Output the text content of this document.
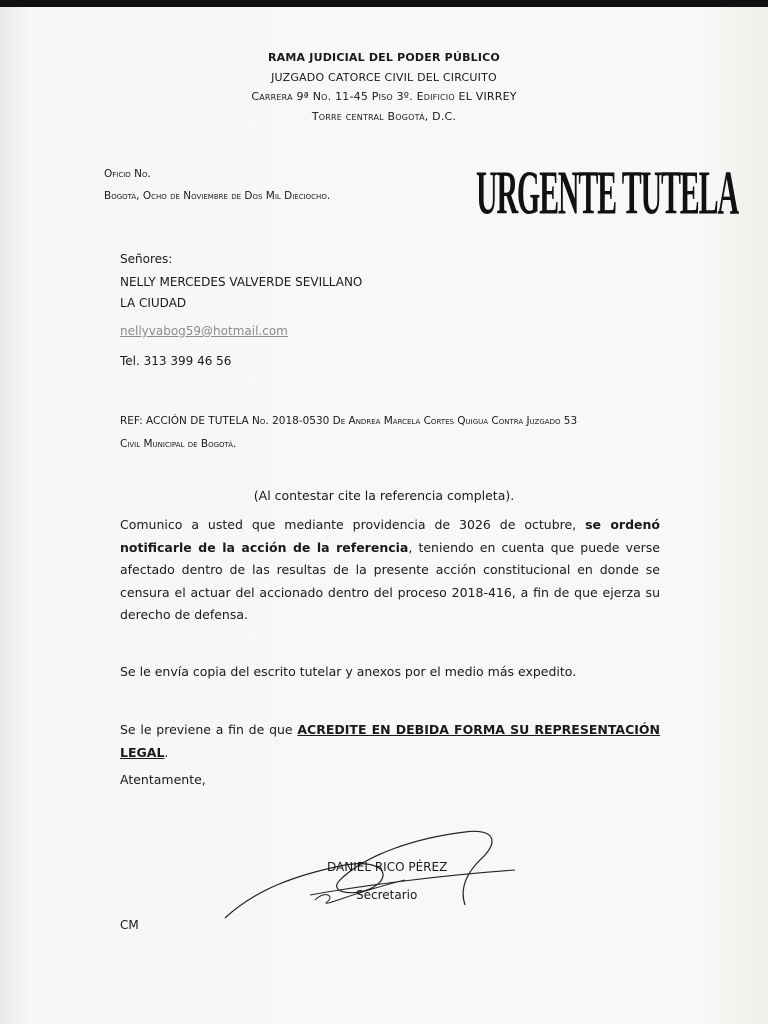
RAMA JUDICIAL DEL PODER PÚBLICO
JUZGADO CATORCE CIVIL DEL CIRCUITO
Carrera 9ª No. 11-45 Piso 3º. Edificio EL VIRREY
Torre central Bogotá, D.C.
Oficio No.
Bogotá, Ocho de Noviembre de Dos Mil Dieciocho.	URGENTE TUTELA
Señores:
NELLY MERCEDES VALVERDE SEVILLANO
LA CIUDAD
nellyvabog59@hotmail.com
Tel. 313 399 46 56
REF: ACCIÓN DE TUTELA No. 2018-0530 De Andrea Marcela Cortes Quigua Contra Juzgado 53
Civil Municipal de Bogotá.
(Al contestar cite la referencia completa).
Comunico a usted que mediante providencia de 3026 de octubre, se ordenó notificarle de la acción de la referencia, teniendo en cuenta que puede verse afectado dentro de las resultas de la presente acción constitucional en donde se censura el actuar del accionado dentro del proceso 2018-416, a fin de que ejerza su derecho de defensa.
Se le envía copia del escrito tutelar y anexos por el medio más expedito.
Se le previene a fin de que ACREDITE EN DEBIDA FORMA SU REPRESENTACIÓN LEGAL.
Atentamente,
DANIEL RICO PÉREZ
Secretario
CM
